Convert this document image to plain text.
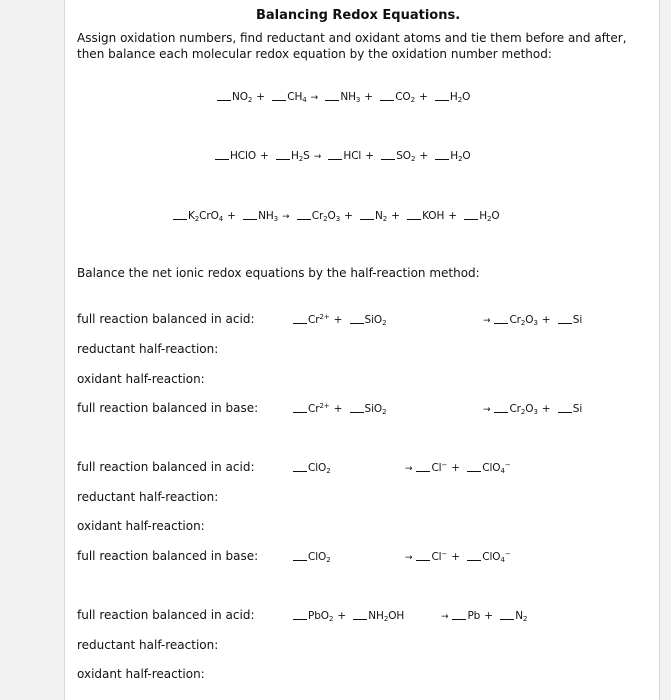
Balancing Redox Equations.
Assign oxidation numbers, find reductant and oxidant atoms and tie them before and after, then balance each molecular redox equation by the oxidation number method:
$NO_2 + CH_4 \to NH_3 + CO_2 + H_2O$
HClO + $H_2S$ → HCl + $SO_2 + H_2O$
$K_2CrO_4 + NH_3 \to Cr_2O_3 + N_2$ + KOH + $H_2O$
Balance the net ionic redox equations by the half-reaction method:
full reaction balanced in acid:	$Cr^{2+} + SiO_2$	→ $Cr_2O_3 + Si$
reductant half-reaction:
oxidant half-reaction:
full reaction balanced in base:	$Cr^{2+} + SiO_2$	→ $Cr_2O_3 + Si$
full reaction balanced in acid:	ClO$_2$	→ Cl− + ClO$_4$−
reductant half-reaction:
oxidant half-reaction:
full reaction balanced in base:	ClO$_2$	→ Cl− + ClO$_4$−
full reaction balanced in acid:	$PbO_2 + NH_2OH$	→ $Pb + N_2$
reductant half-reaction:
oxidant half-reaction:
